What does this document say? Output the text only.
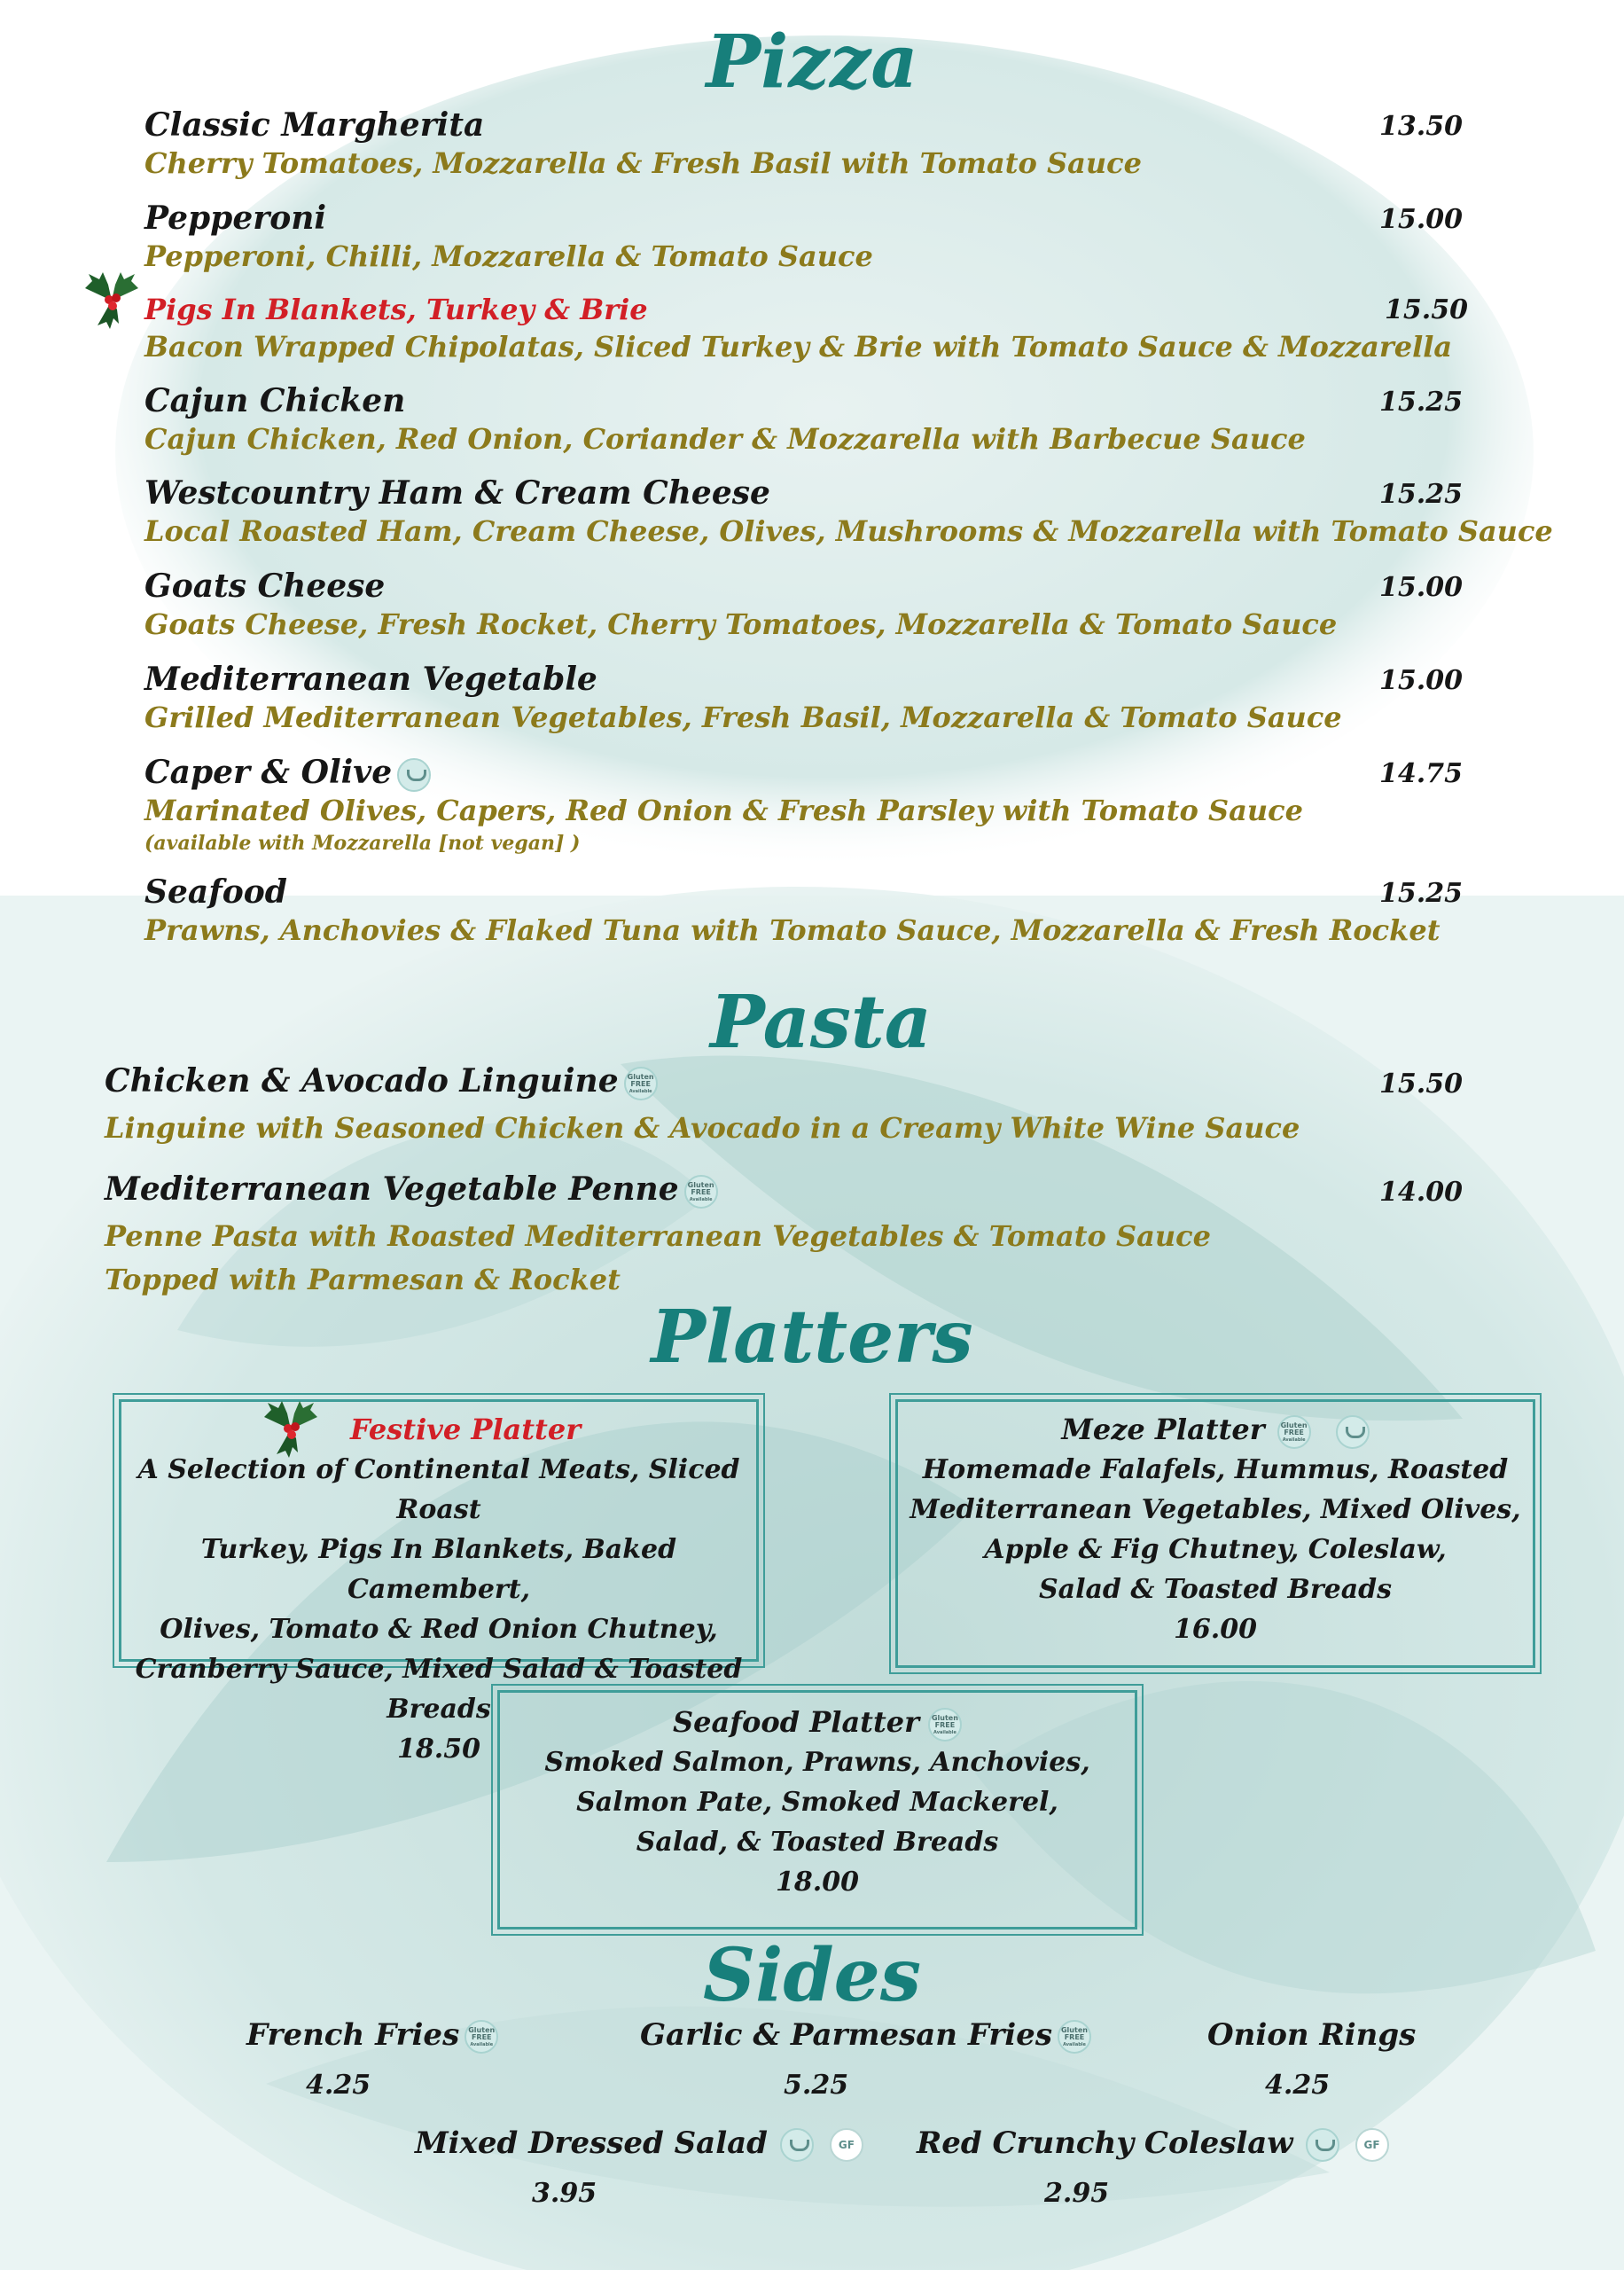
Pizza
Classic Margherita	13.50
Cherry Tomatoes, Mozzarella & Fresh Basil with Tomato Sauce
Pepperoni	15.00
Pepperoni, Chilli, Mozzarella & Tomato Sauce
Pigs In Blankets, Turkey & Brie	15.50
Bacon Wrapped Chipolatas, Sliced Turkey & Brie with Tomato Sauce & Mozzarella
Cajun Chicken	15.25
Cajun Chicken, Red Onion, Coriander & Mozzarella with Barbecue Sauce
Westcountry Ham & Cream Cheese	15.25
Local Roasted Ham, Cream Cheese, Olives, Mushrooms & Mozzarella with Tomato Sauce
Goats Cheese	15.00
Goats Cheese, Fresh Rocket, Cherry Tomatoes, Mozzarella & Tomato Sauce
Mediterranean Vegetable	15.00
Grilled Mediterranean Vegetables, Fresh Basil, Mozzarella & Tomato Sauce
Caper & Olive	14.75
Marinated Olives, Capers, Red Onion & Fresh Parsley with Tomato Sauce
(available with Mozzarella [not vegan] )
Seafood	15.25
Prawns, Anchovies & Flaked Tuna with Tomato Sauce, Mozzarella & Fresh Rocket
Pasta
Chicken & Avocado Linguine Gluten
FREE
Available	15.50
Linguine with Seasoned Chicken & Avocado in a Creamy White Wine Sauce
Mediterranean Vegetable Penne Gluten
FREE
Available	14.00
Penne Pasta with Roasted Mediterranean Vegetables & Tomato Sauce
Topped with Parmesan & Rocket
Platters
Festive Platter
A Selection of Continental Meats, Sliced Roast
Turkey, Pigs In Blankets, Baked Camembert,
Olives, Tomato & Red Onion Chutney,
Cranberry Sauce, Mixed Salad & Toasted Breads
18.50
Meze Platter Gluten
FREE
Available
Homemade Falafels, Hummus, Roasted
Mediterranean Vegetables, Mixed Olives,
Apple & Fig Chutney, Coleslaw,
Salad & Toasted Breads
16.00
Seafood Platter Gluten
FREE
Available
Smoked Salmon, Prawns, Anchovies,
Salmon Pate, Smoked Mackerel,
Salad, & Toasted Breads
18.00
Sides
French Fries Gluten
FREE
Available
4.25
Garlic & Parmesan Fries Gluten
FREE
Available
5.25
Onion Rings
4.25
Mixed Dressed Salad	GF
3.95
Red Crunchy Coleslaw	GF
2.95
